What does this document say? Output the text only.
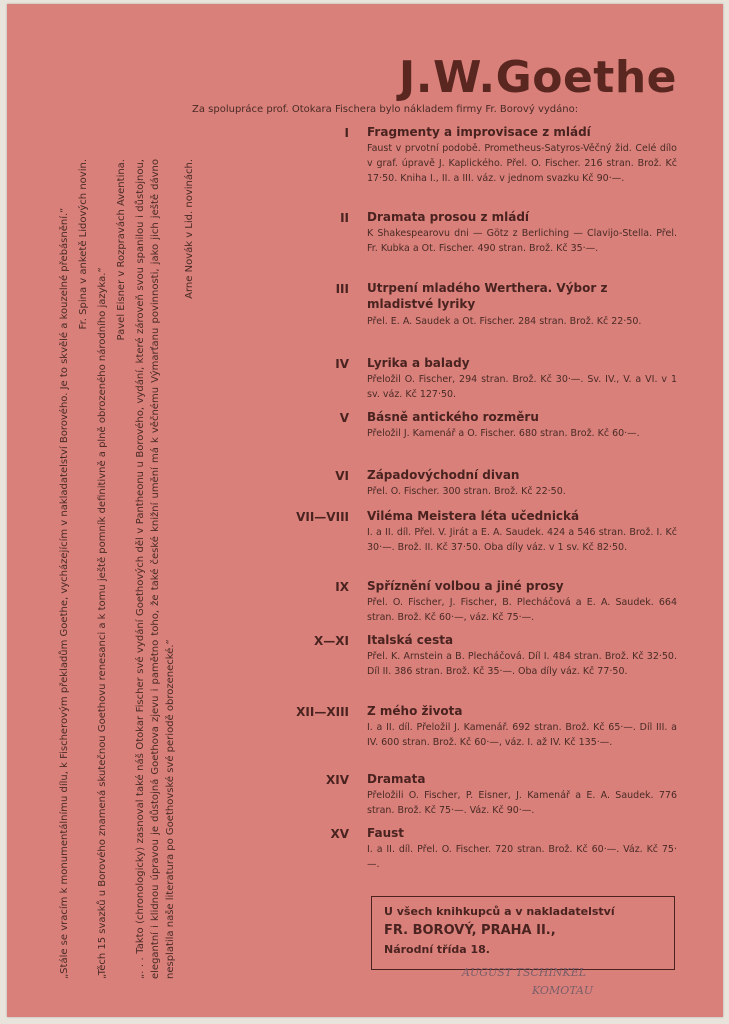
J.W.Goethe
Za spolupráce prof. Otokara Fischera bylo nákladem firmy Fr. Borový vydáno:
I Fragmenty a improvisace z mládí
Faust v prvotní podobě. Prometheus-Satyros-Věčný žid. Celé dílo v graf. úpravě J. Kaplického. Přel. O. Fischer. 216 stran. Brož. Kč 17·50. Kniha I., II. a III. váz. v jednom svazku Kč 90·—.
II Dramata prosou z mládí
K Shakespearovu dni — Götz z Berliching — Clavijo-Stella. Přel. Fr. Kubka a Ot. Fischer. 490 stran. Brož. Kč 35·—.
III Utrpení mladého Werthera. Výbor z mladistvé lyriky
Přel. E. A. Saudek a Ot. Fischer. 284 stran. Brož. Kč 22·50.
IV Lyrika a balady
Přeložil O. Fischer, 294 stran. Brož. Kč 30·—. Sv. IV., V. a VI. v 1 sv. váz. Kč 127·50.
V Básně antického rozměru
Přeložil J. Kamenář a O. Fischer. 680 stran. Brož. Kč 60·—.
VI Západovýchodní divan
Přel. O. Fischer. 300 stran. Brož. Kč 22·50.
VII—VIII Viléma Meistera léta učednická
I. a II. díl. Přel. V. Jirát a E. A. Saudek. 424 a 546 stran. Brož. I. Kč 30·—. Brož. II. Kč 37·50. Oba díly váz. v 1 sv. Kč 82·50.
IX Spříznění volbou a jiné prosy
Přel. O. Fischer, J. Fischer, B. Plecháčová a E. A. Saudek. 664 stran. Brož. Kč 60·—, váz. Kč 75·—.
X—XI Italská cesta
Přel. K. Arnstein a B. Plecháčová. Díl I. 484 stran. Brož. Kč 32·50. Díl II. 386 stran. Brož. Kč 35·—. Oba díly váz. Kč 77·50.
XII—XIII Z mého života
I. a II. díl. Přeložil J. Kamenář. 692 stran. Brož. Kč 65·—. Díl III. a IV. 600 stran. Brož. Kč 60·—, váz. I. až IV. Kč 135·—.
XIV Dramata
Přeložili O. Fischer, P. Eisner, J. Kamenář a E. A. Saudek. 776 stran. Brož. Kč 75·—. Váz. Kč 90·—.
XV Faust
I. a II. díl. Přel. O. Fischer. 720 stran. Brož. Kč 60·—. Váz. Kč 75·—.

„Stále se vracím k monumentálnímu dílu, k Fischerovým překladům Goethe, vycházejícím v nakladatelství Borového. Je to skvělé a kouzelné přebásnění.“ Fr. Spina v anketě Lidových novin.

„Těch 15 svazků u Borového znamená skutečnou Goethovu renesanci a k tomu ještě pomník definitivně a plně obrozeného národního jazyka.“

Pavel Eisner v Rozpravách Aventina. „. . . Takto (chronologicky) zasnoval také náš Otokar Fischer své vydání Goethových děl v Pantheonu u Borového, vydání, které zároveň svou spanilou i důstojnou, elegantní i klidnou úpravou je důstojná Goethova zjevu i pamětno toho, že také české knižní umění má k věčnému Výmarťanu povinnosti, jako jich ještě dávno nesplatila naše literatura po Goethovské své periodě obrozenecké.“

Arne Novák v Lid. novinách.

U všech knihkupců a v nakladatelství
FR. BOROVÝ, PRAHA II.,
Národní třída 18.
AUGUST TSCHINKEL
KOMOTAU
